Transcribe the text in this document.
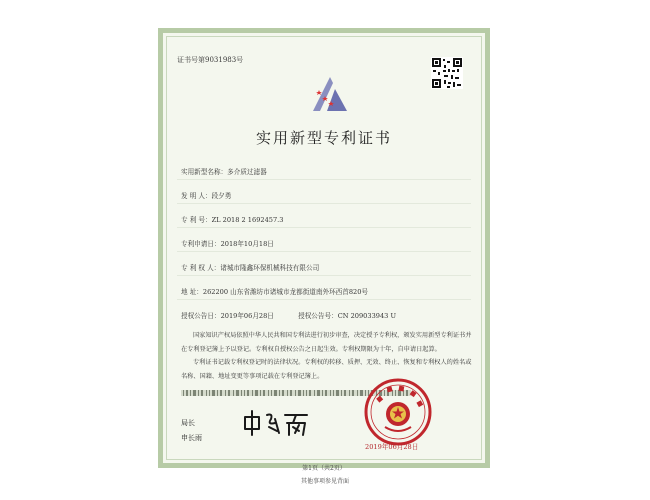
证书号第9031983号
实用新型专利证书
实用新型名称：多介质过滤器
发 明 人：段夕勇
专 利 号：ZL 2018 2 1692457.3
专利申请日：2018年10月18日
专 利 权 人：诸城市隆鑫环保机械科技有限公司
地 址：262200 山东省潍坊市诸城市龙都街道南外环西首820号
授权公告日：2019年06月28日	授权公告号：CN 209033943 U
国家知识产权局依照中华人民共和国专利法进行初步审查，决定授予专利权，颁发实用新型专利证书并在专利登记簿上予以登记。专利权自授权公告之日起生效。专利权期限为十年，自申请日起算。
专利证书记载专利权登记时的法律状况。专利权的转移、质押、无效、终止、恢复和专利权人的姓名或名称、国籍、地址变更等事项记载在专利登记簿上。
局长
申长雨
2019年06月28日
第1页（共2页）
其他事项参见背面
